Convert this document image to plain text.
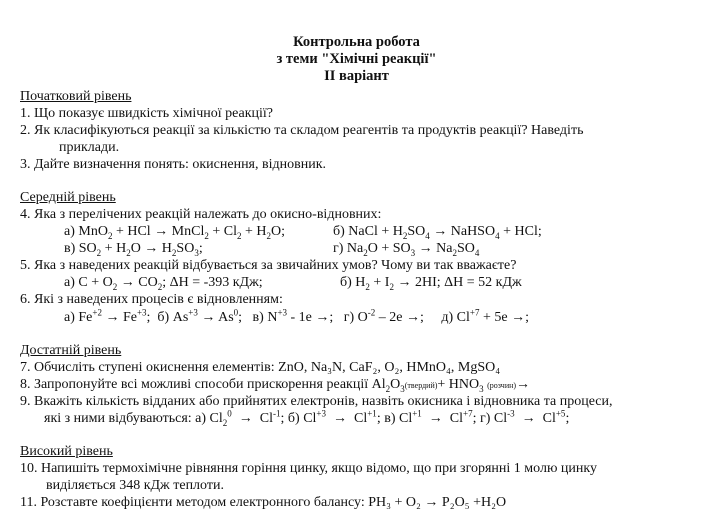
Контрольна робота
з теми "Хімічні реакції"
ІІ варіант
Початковий рівень
1. Що показує швидкість хімічної реакції?
2. Як класифікуються реакції за кількістю та складом реагентів та продуктів реакції? Наведіть
приклади.
3. Дайте визначення понять: окиснення, відновник.
Середній рівень
4. Яка з перелічених реакцій належать до окисно-відновних:
а) MnO$_2$ + HCl → MnCl$_2$ + $Cl_2 + H_2O$;	б) NaCl + $H_2SO_4$ → NaHSO$_4$ + HCl;
в) $SO_2 + H_2O \to H_2SO_3$;	г) $Na_2O + SO_3 \to Na_2SO_4$
5. Яка з наведених реакцій відбувається за звичайних умов? Чому ви так вважаєте?
а) $C + O_2 \to CO_2$; ΔH = -393 кДж;	б) $H_2 + I_2 \to 2HI$; ΔH = 52 кДж
6. Які з наведених процесів є відновленням:
а) $Fe^{+2} \to Fe^{+3}$;  б) $As^{+3} \to As^0$;   в) $N^{+3} - 1e$ →;   г) $O^{-2} - 2e$ →;     д) $Cl^{+7} + 5e$ →;
Достатній рівень
7. Обчисліть ступені окиснення елементів: ZnO, Na₃N, CaF₂, O₂, HMnO₄, MgSO₄
8. Запропонуйте всі можливі способи прискорення реакції $Al_2O_3(твердий)+ HNO_3$ (розчин)→
9. Вкажіть кількість відданих або прийнятих електронів, назвіть окисника і відновника та процеси,
які з ними відбуваються: а) $Cl_2^0 \to Cl^{-1}$; б) $Cl^{+3} \to Cl^{+1}$; в) $Cl^{+1} \to Cl^{+7}$; г) $Cl^{-3} \to Cl^{+5}$;
Високий рівень
10. Напишіть термохімічне рівняння горіння цинку, якщо відомо, що при згорянні 1 молю цинку
виділяється 348 кДж теплоти.
11. Розставте коефіцієнти методом електронного балансу: PH₃ + O₂ → P₂O₅ +H₂O
